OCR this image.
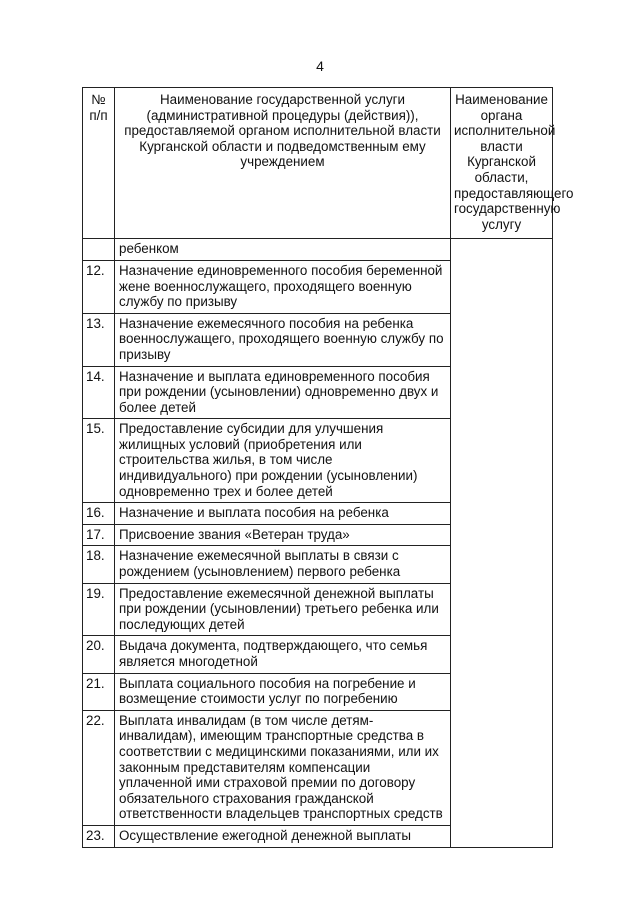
4
№ п/п	Наименование государственной услуги (административной процедуры (действия)), предоставляемой органом исполнительной власти Курганской области и подведомственным ему учреждением	Наименование органа исполнительной власти Курганской области, предоставляющего государственную услугу
	ребенком	
12.	Назначение единовременного пособия беременной жене военнослужащего, проходящего военную службу по призыву	
13.	Назначение ежемесячного пособия на ребенка военнослужащего, проходящего военную службу по призыву	
14.	Назначение и выплата единовременного пособия при рождении (усыновлении) одновременно двух и более детей	
15.	Предоставление субсидии для улучшения жилищных условий (приобретения или строительства жилья, в том числе индивидуального) при рождении (усыновлении) одновременно трех и более детей	
16.	Назначение и выплата пособия на ребенка	
17.	Присвоение звания «Ветеран труда»	
18.	Назначение ежемесячной выплаты в связи с рождением (усыновлением) первого ребенка	
19.	Предоставление ежемесячной денежной выплаты при рождении (усыновлении) третьего ребенка или последующих детей	
20.	Выдача документа, подтверждающего, что семья является многодетной	
21.	Выплата социального пособия на погребение и возмещение стоимости услуг по погребению	
22.	Выплата инвалидам (в том числе детям-инвалидам), имеющим транспортные средства в соответствии с медицинскими показаниями, или их законным представителям компенсации уплаченной ими страховой премии по договору обязательного страхования гражданской ответственности владельцев транспортных средств	
23.	Осуществление ежегодной денежной выплаты	
